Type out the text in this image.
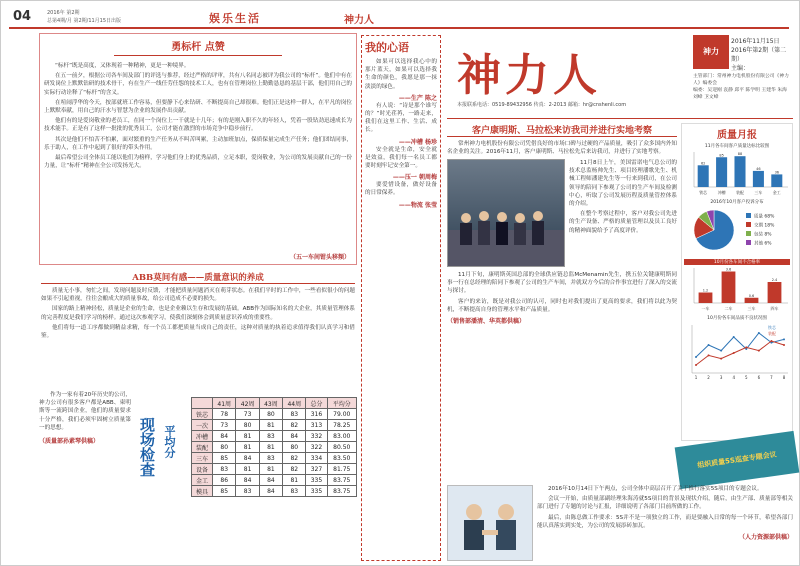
04	2016年 第2期
总第4期/月 第2期/11月15日出版	娱乐生活	神力人
勇标杆 点赞

“标杆”既是高度，又体现着一种精神，更是一种境界。

在五一前夕，根据公司各车间及部门的评选与推荐，经过严格的评审，共有八名同志被评为我公司的“标杆”。他们中有在研发岗位上默默钻研的技术骨干，有在生产一线任劳任怨的技术工人，也有在管理岗位上勤勤恳恳的基层干部，他们用自己的实际行动诠释了“标杆”的含义。

在喧闹浮华的今天，按部就班工作容易，但要静下心来钻研、不断提高自己却很难。他们正是这样一群人，在平凡的岗位上默默奉献，用自己的汗水与智慧为企业的发展作出贡献。

他们有的是爱岗敬业的老员工，在同一个岗位上一干就是十几年；有的是刚入职不久的年轻人，凭着一股钻劲迅速成长为技术能手。正是有了这样一批批的优秀员工，公司才能在激烈的市场竞争中稳步前行。

其次是他们不怕苦不怕累，面对繁重的生产任务从不叫苦叫累，主动加班加点，保质保量完成生产任务；他们团结同事，乐于助人，在工作中起到了很好的带头作用。

最后希望公司全体员工能以他们为榜样，学习他们身上的优秀品质，立足本职，爱岗敬业，为公司的发展贡献自己的一份力量，让“标杆”精神在全公司发扬光大。

（五一车间钳头移频）
ABB莫间有感——质量意识的养成

质量无小事，匆忙之间，发现问题及时反馈，才能把质量问题消灭在萌芽状态。在我们平时的工作中，一些看似很小的问题如果不引起重视，往往会酿成大的质量事故，给公司造成不必要的损失。

国家的路上精神轻松，质量是企业的生命，也是企业赖以生存和发展的基础。ABB作为国际知名的大企业，其质量管理体系的完善程度是我们学习的榜样。通过这次参观学习，使我们深刻体会到质量意识养成的重要性。

他们将每一道工序都做到精益求精，每一个员工都把质量当成自己的责任，这种对质量的执着追求值得我们认真学习和借鉴。

作为一家有着20年历史的公司，神力公司有很多客户都是ABB、柬明斯等一流跨国企业，他们的质量要求十分严格，我们必须牢固树立质量第一的思想。

（质量部孙素琴供稿）	现场检查 平均分
	41周	42周	43周	44周	总分	平均分
铁芯	78	73	80	83	316	79.00
一次	73	80	81	82	313	78.25
冲槽	84	81	83	84	332	83.00
装配	80	81	81	80	322	80.50
三车	85	84	83	82	334	83.50
设备	83	81	81	82	327	81.75
金工	86	84	84	81	335	83.75
模具	85	83	84	83	335	83.75
我的心语

如果可以选择我心中的那片蓝天，如果可以选择我生命的颜色，我愿是那一抹淡淡的绿色。

——生产 陈之

有人说：“诗是那个谁写的？”时光荏苒，一路走来，我们在这里工作、生活、成长。

——冲槽 杨珍

安全就是生命，安全就是效益，我们每一名员工都要时刻牢记安全第一。

——压一 朝周梅

要爱惜设备，做好设备的日常保养。

——物流 张莹
神力人	神力
2016年11月15日
2016年第2期（第二期）
主编：
主管部门：常州神力电机股份有限公司《神力人》编委会
编委：吴迎刚 袁静 邱平 陈学明 王建华 朱海 刘峰 卫文峰
本报联系电话：0519-89432956 传真：2-2013 邮箱：hr@cnshenli.com
客户康明斯、马拉松来访我司并进行实地考察

常州神力电机股份有限公司凭借良好的市场口碑与过硬的产品质量，吸引了众多国内外知名企业的关注。2016年11月，客户康明斯、马拉松先后来访我司，并进行了实地考察。

11月8日上午，美国雷诺电气总公司的技术总监杨帅先生、项目经理潘歌先生、机械工程师潘建先生等一行来到我司，在公司领导的陪同下参观了公司的生产车间及检测中心，听取了公司发展历程及质量管控体系的介绍。

在整个考察过程中，客户对我公司先进的生产设备、严格的质量管理以及员工良好的精神面貌给予了高度评价。

11月下旬，康明斯英国总部的全球供应链总监McMenamin先生，携五位关键康明斯同事一行在总经理的陪同下参观了公司的生产车间，并就双方今后的合作事宜进行了深入的交流与探讨。

客户的来访，既是对我公司的认可，同时也对我们提出了更高的要求，我们将以此为契机，不断提高自身的管理水平和产品质量。

（销售部潘清、华英都供稿）
质量月报
11月各车间客户质量达标比较图
铁芯
62
冲槽
85
装配
88
三车
46
金工
36
2016年10月客户投诉分布
质量 68%
交期 18%
包装 8%
其他 6%
10月份各车间不合格率
一车
1.2
二车
3.6
三车
0.6
四车
2.4
10月份各车间品质不良状况图
1	2	3	4	5	6	7	8
铁芯
装配
组织质量5S巡查专题会议

2016年10月14日下午两点，公司全体中高层召开了关于推行落实5S项目的专题会议。

会议一开始，由质量部副经理朱海涛就5S项目的背景及现状介绍，随后，由生产部、质量部等相关部门进行了专题的讨论与汇报，详细说明了各部门目前所做的工作。

最后，由陈总做工作要求：5S并不是一项独立的工作，而是要融入日常的每一个环节，希望各部门能认真落实到实处，为公司的发展添砖加瓦。

（人力资源部供稿）
